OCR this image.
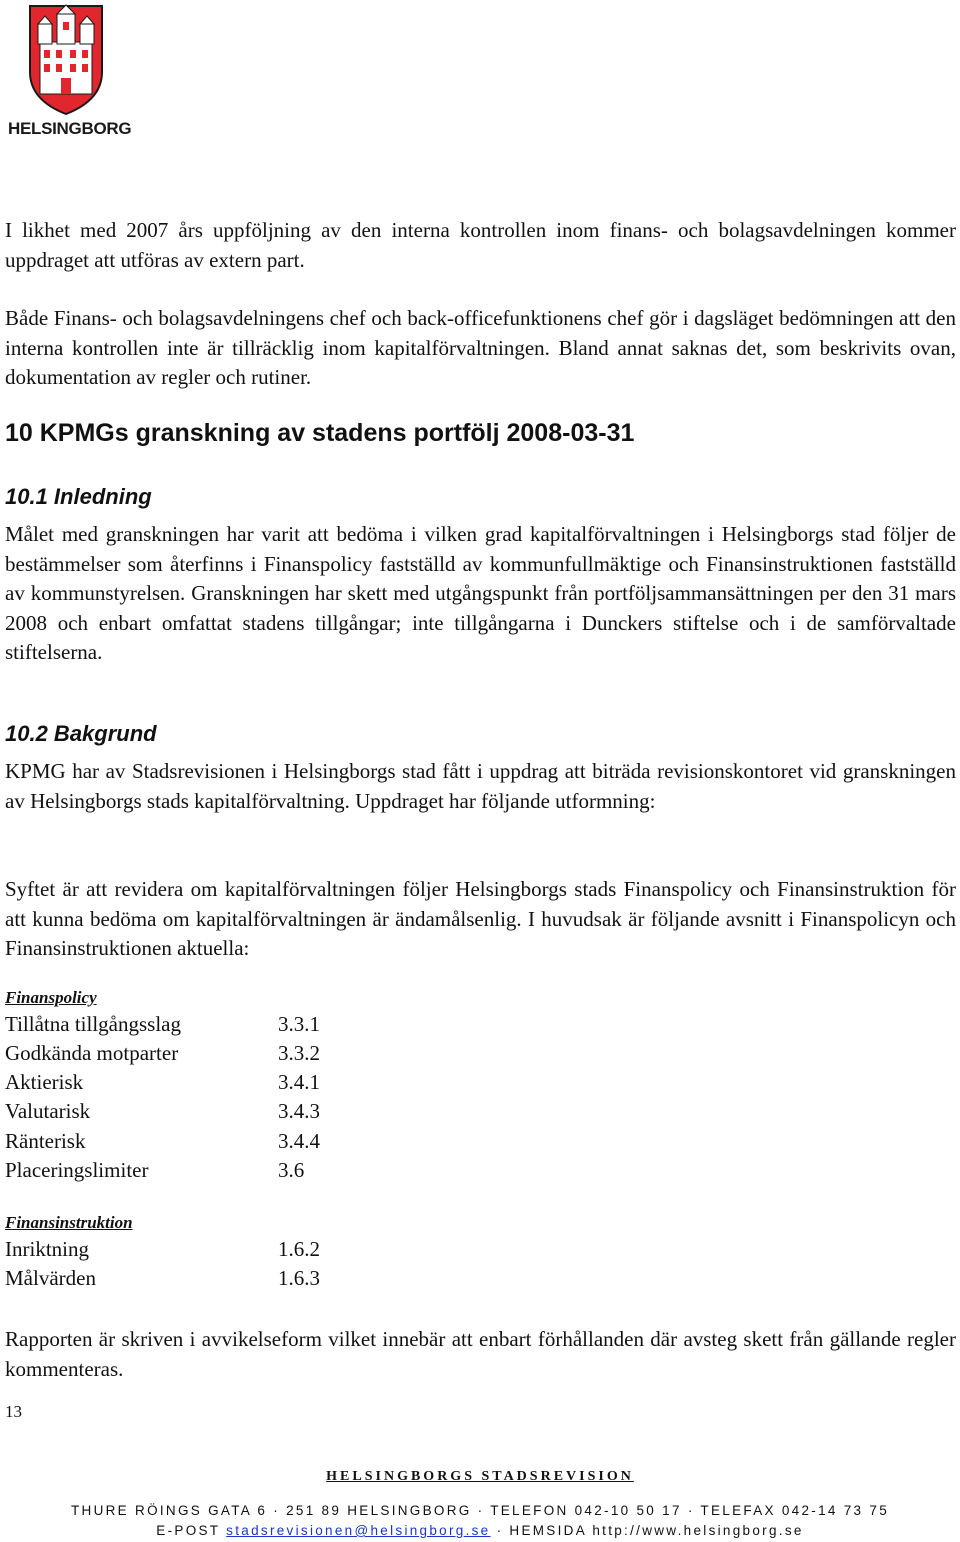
HELSINGBORG

I likhet med 2007 års uppföljning av den interna kontrollen inom finans- och bolagsavdelningen kommer uppdraget att utföras av extern part.

Både Finans- och bolagsavdelningens chef och back-officefunktionens chef gör i dagsläget bedömningen att den interna kontrollen inte är tillräcklig inom kapitalförvaltningen. Bland annat saknas det, som beskrivits ovan, dokumentation av regler och rutiner.

10 KPMGs granskning av stadens portfölj 2008-03-31
10.1 Inledning

Målet med granskningen har varit att bedöma i vilken grad kapitalförvaltningen i Helsingborgs stad följer de bestämmelser som återfinns i Finanspolicy fastställd av kommunfullmäktige och Finansinstruktionen fastställd av kommunstyrelsen. Granskningen har skett med utgångspunkt från portföljsammansättningen per den 31 mars 2008 och enbart omfattat stadens tillgångar; inte tillgångarna i Dunckers stiftelse och i de samförvaltade stiftelserna.

10.2 Bakgrund

KPMG har av Stadsrevisionen i Helsingborgs stad fått i uppdrag att biträda revisionskontoret vid granskningen av Helsingborgs stads kapitalförvaltning. Uppdraget har följande utformning:

Syftet är att revidera om kapitalförvaltningen följer Helsingborgs stads Finanspolicy och Finansinstruktion för att kunna bedöma om kapitalförvaltningen är ändamålsenlig. I huvudsak är följande avsnitt i Finanspolicyn och Finansinstruktionen aktuella:

Finanspolicy
Tillåtna tillgångsslag	3.3.1
Godkända motparter	3.3.2
Aktierisk	3.4.1
Valutarisk	3.4.3
Ränterisk	3.4.4
Placeringslimiter	3.6
Finansinstruktion
Inriktning	1.6.2
Målvärden	1.6.3

Rapporten är skriven i avvikelseform vilket innebär att enbart förhållanden där avsteg skett från gällande regler kommenteras.

13
HELSINGBORGS STADSREVISION
THURE RÖINGS GATA 6 · 251 89 HELSINGBORG · TELEFON 042-10 50 17 · TELEFAX 042-14 73 75
E-POST stadsrevisionen@helsingborg.se · HEMSIDA http://www.helsingborg.se
